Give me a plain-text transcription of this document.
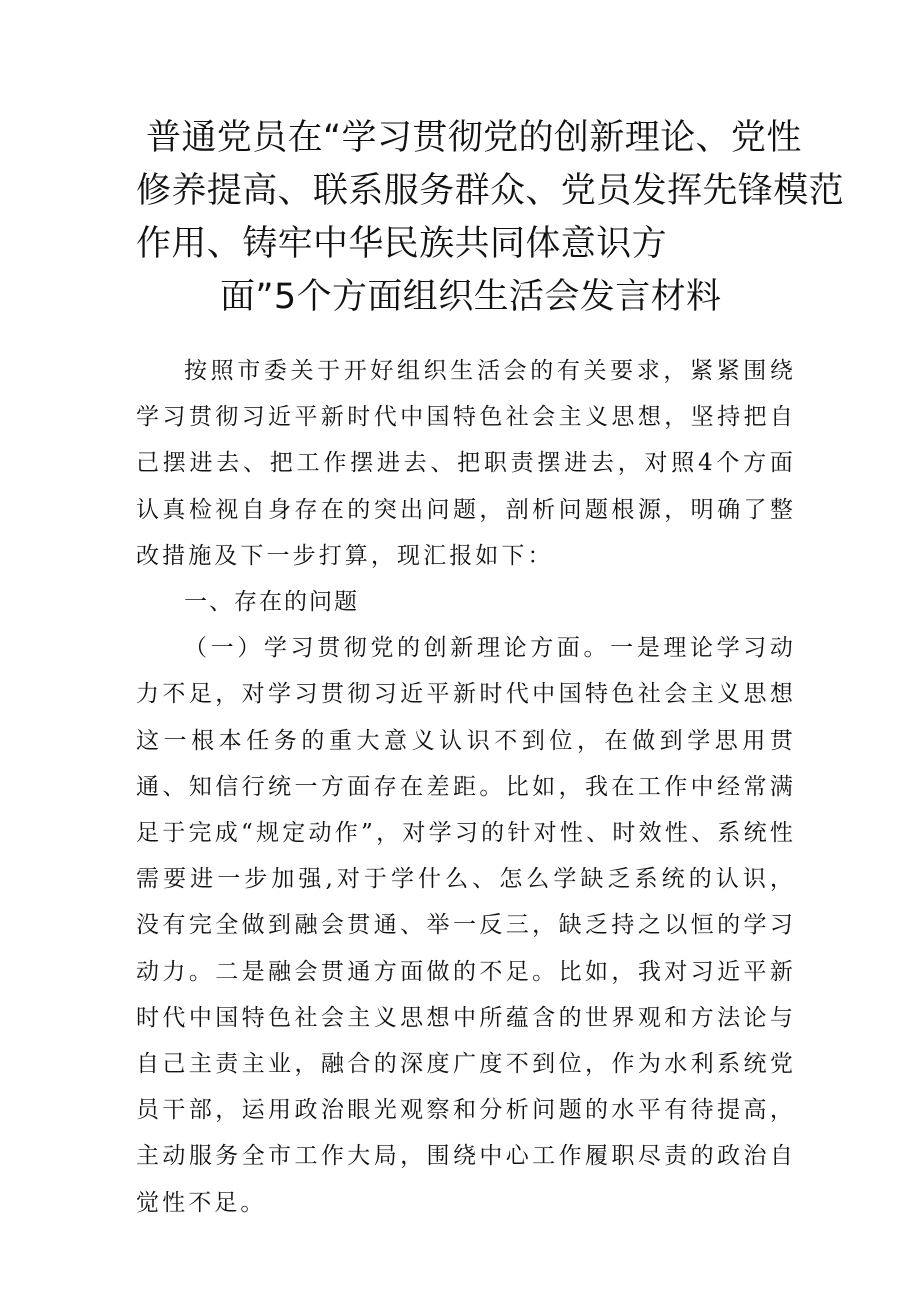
普通党员在“学习贯彻党的创新理论、党性
修养提高、联系服务群众、党员发挥先锋模范
作用、铸牢中华民族共同体意识方
面”5个方面组织生活会发言材料

按照市委关于开好组织生活会的有关要求，紧紧围绕学习贯彻习近平新时代中国特色社会主义思想，坚持把自己摆进去、把工作摆进去、把职责摆进去，对照4个方面认真检视自身存在的突出问题，剖析问题根源，明确了整改措施及下一步打算，现汇报如下：

一、存在的问题

（一）学习贯彻党的创新理论方面。一是理论学习动力不足，对学习贯彻习近平新时代中国特色社会主义思想这一根本任务的重大意义认识不到位，在做到学思用贯通、知信行统一方面存在差距。比如，我在工作中经常满足于完成“规定动作”，对学习的针对性、时效性、系统性需要进一步加强,对于学什么、怎么学缺乏系统的认识，没有完全做到融会贯通、举一反三，缺乏持之以恒的学习动力。二是融会贯通方面做的不足。比如，我对习近平新时代中国特色社会主义思想中所蕴含的世界观和方法论与自己主责主业，融合的深度广度不到位，作为水利系统党员干部，运用政治眼光观察和分析问题的水平有待提高，主动服务全市工作大局，围绕中心工作履职尽责的政治自觉性不足。
